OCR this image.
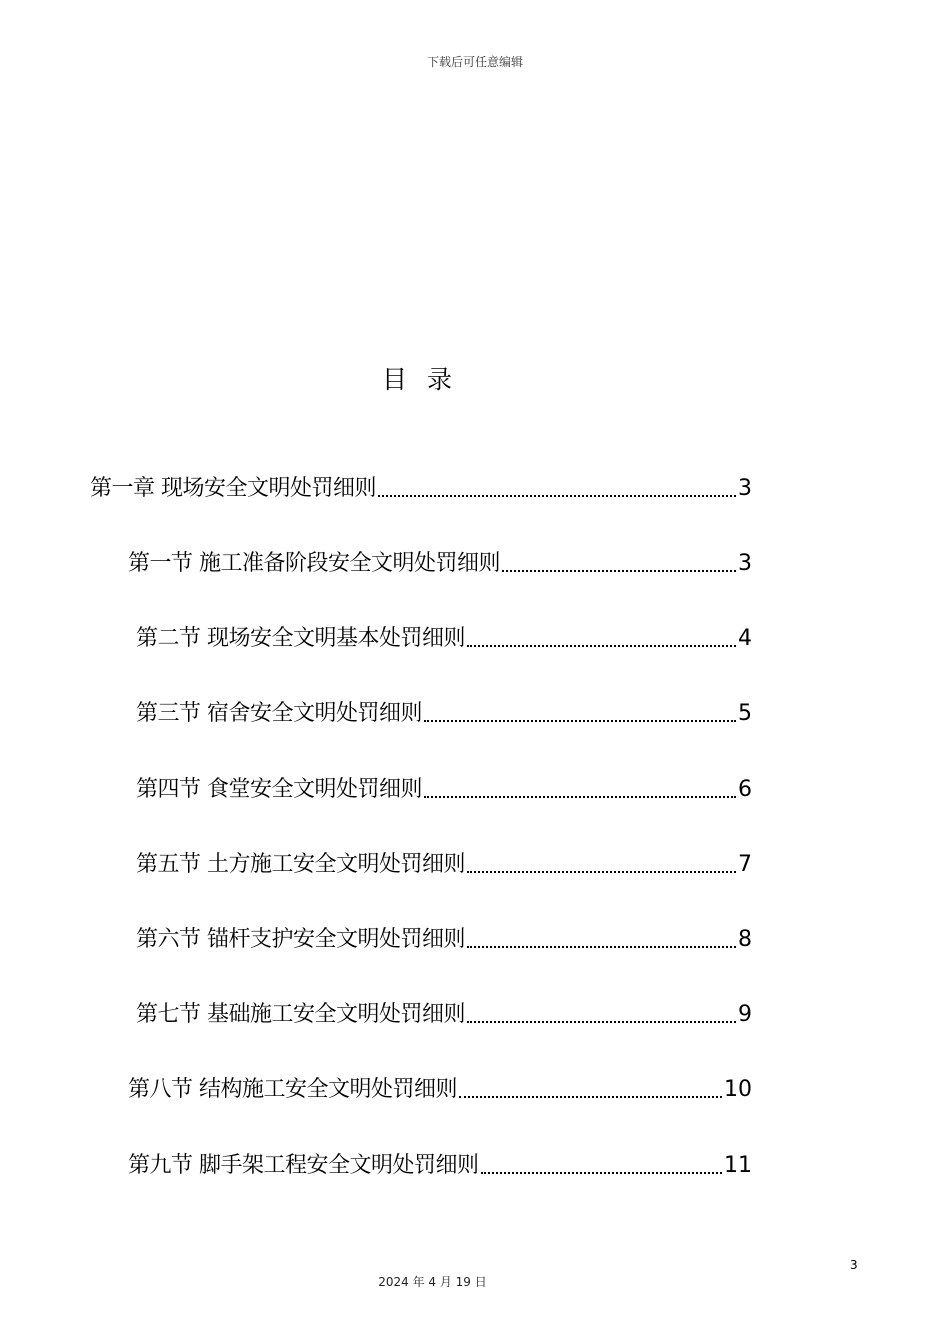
下载后可任意编辑
目 录
第一章 现场安全文明处罚细则	3
第一节 施工准备阶段安全文明处罚细则	3
第二节 现场安全文明基本处罚细则	4
第三节 宿舍安全文明处罚细则	5
第四节 食堂安全文明处罚细则	6
第五节 土方施工安全文明处罚细则	7
第六节 锚杆支护安全文明处罚细则	8
第七节 基础施工安全文明处罚细则	9
第八节 结构施工安全文明处罚细则	10
第九节 脚手架工程安全文明处罚细则	11
3
2024 年 4 月 19 日
